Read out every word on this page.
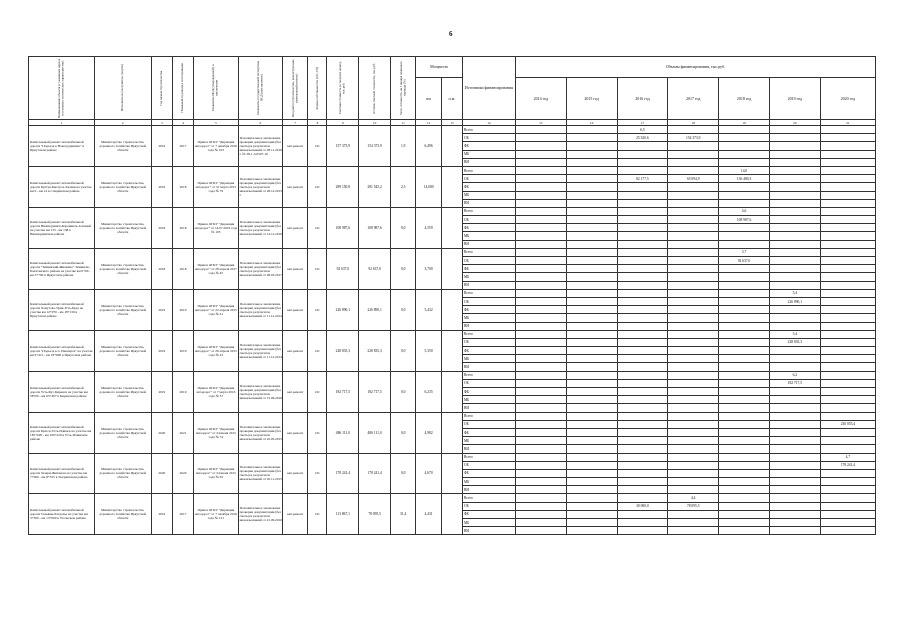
6
Наименование объекта (с указанием адреса и основных технических характеристик)	Исполнитель (получатель средств)	Год начала строительства	Плановый год ввода в эксплуатацию	Реквизиты ПСД (утвержденной) и заключения	Реквизиты государственной экспертизы ПСД (при наличии)	Вид работ (строительство, реконструкция, капитальный ремонт)	Форма собственности (ОС, ГЛ)	Сметная стоимость (в текущих ценах), тыс.руб.	Остаток сметной стоимости, тыс.руб.	Техн. готовность на 1 января планового периода (%)	Мощность		Источники финансирования	Объемы финансирования, тыс.руб.						
											км	п.м.		2014 год	2015 год	2016 год	2017 год	2018 год	2019 год	2020 год
1	2	3	4	5	6	7	8	9	10	11	12	13	14	15	16	17	18	19	20	21
Капитальный ремонт автомобильной дороги "Подъезд к Новогрудинино" в Иркутском районе	Министерство строительства, дорожного хозяйства Иркутской области	2016	2017	Приказ ОГКУ "Дирекция автодорог" от 7 декабря 2016 года № 163	Положительное заключение проверки документации (без сметы) и результатов инж.изысканий от 28.11.2016 г. № 38-1-3-0507-16	кап.ремонт	ОС	157 373,9	154 373,9	1,9	6,496		Всего			6,5				
													ОБ			25 320,6	154 373,9			
													ФБ							
													МБ							
													ВИ							
Капитальный ремонт автомобильной дороги Култук-Быстрое-Хазаки на участке км 0 - км 14 в Слюдянском районе	Министерство строительства, дорожного хозяйства Иркутской области	2016	2018	Приказ ОГКУ "Дирекция автодорог" от 31 марта 2015 года № 79	Положительное заключение проверки документации (без сметы) и результатов инж.изысканий от 28.12.2015 г.	кап.ремонт	ОС	289 150,8	281 545,2	2,5	14,000		Всего					14,0		
													ОБ			82 177,5	65 094,9	136 480,3		
													ФБ							
													МБ							
													ВИ							
Капитальный ремонт автомобильной дороги Нижнеудинск-Боровинск-Алзамай на участке км 133 - км 138 в Нижнеудинском районе	Министерство строительства, дорожного хозяйства Иркутской области	2018	2018	Приказ ОГКУ "Дирекция автодорог" от 14.07.2016 года № 103	Положительное заключение проверки документации (без сметы) и результатов инж.изысканий от 14.12.2016	кап.ремонт	ОС	108 987,6	108 987,6	0,0	4,559		Всего					4,6		
													ОБ					108 987,6		
													ФБ							
													МБ							
													ВИ							
Капитальный ремонт автомобильной дороги "Зиминский-Жилкино" Зиминско-Балаганского района на участке км 0+00 - км 3+700 в Иркутском районе	Министерство строительства, дорожного хозяйства Иркутской области	2018	2018	Приказ ОГКУ "Дирекция автодорог" от 28 апреля 2017 года № 45	Положительное заключение проверки документации (без сметы) и результатов инж.изысканий от 28.03.2017	кап.ремонт	ОС	92 637,0	92 637,0	0,0	3,700		Всего					3,7		
													ОБ					92 637,0		
													ФБ							
													МБ							
													ВИ							
Капитальный ремонт автомобильной дороги Хомутово-Урик-Усть-Куда на участке км 12+970 - км 18+130 в Иркутском районе	Министерство строительства, дорожного хозяйства Иркутской области	2019	2019	Приказ ОГКУ "Дирекция автодорог" от 22 апреля 2015 года № 41	Положительное заключение проверки документации (без сметы) и результатов инж.изысканий от 11.12.2014	кап.ремонт	ОС	226 890,1	226 890,1	0,0	5,432		Всего						5,4	
													ОБ						226 890,1	
													ФБ							
													МБ							
													ВИ							
Капитальный ремонт автомобильной дороги "Подъезд к п. Пионерск" на участке км 9+415 - км 18+600 в Иркутском районе	Министерство строительства, дорожного хозяйства Иркутской области	2019	2019	Приказ ОГКУ "Дирекция автодорог" от 29 апреля 2015 года № 43	Положительное заключение проверки документации (без сметы) и результатов инж.изысканий от 11.12.2014	кап.ремонт	ОС	228 835,3	228 835,3	0,0	5,350		Всего						5,4	
													ОБ						228 835,3	
													ФБ							
													МБ							
													ВИ							
Капитальный ремонт автомобильной дороги Усть-Кут-Киренск на участке км 58+00 - км 65+407 в Киренском районе	Министерство строительства, дорожного хозяйства Иркутской области	2019	2019	Приказ ОГКУ "Дирекция автодорог" от 7 марта 2016 года № 37	Положительное заключение проверки документации (без сметы) и результатов инж.изысканий от 15.06.2016	кап.ремонт	ОС	182 717,5	182 717,5	0,0	6,235		Всего						6,2	
													ОБ						182 717,5	
													ФБ							
													МБ							
													ВИ							
Капитальный ремонт автомобильной дороги Братск-Усть-Илимск на участке км 185+020 - км 190+220 в Усть-Илимском районе	Министерство строительства, дорожного хозяйства Иркутской области	2020	2021	Приказ ОГКУ "Дирекция автодорог" от 24 июня 2015 года № 74	Положительное заключение проверки документации (без сметы) и результатов инж.изысканий от 22.05.2015	кап.ремонт	ОС	486 111,0	486 111,0	0,0	4,982		Всего							
													ОБ							230 055,4
													ФБ							
													МБ							
													ВИ							
Капитальный ремонт автомобильной дороги Залари-Жиганово на участке км 7+060 - км 8+555 в Заларинском районе	Министерство строительства, дорожного хозяйства Иркутской области	2020	2020	Приказ ОГКУ "Дирекция автодорог" от 24 июня 2015 года № 65	Положительное заключение проверки документации (без сметы) и результатов инж.изысканий от 05.11.2015	кап.ремонт	ОС	178 241,4	178 241,4	0,0	4,670		Всего							4,7
													ОБ							178 241,4
													ФБ							
													МБ							
													ВИ							
Капитальный ремонт автомобильной дороги Тальяны-Раздолье на участке км 3+500 - км 13+000 в Усольском районе	Министерство строительства, дорожного хозяйства Иркутской области	2016	2017	Приказ ОГКУ "Дирекция автодорог" от 7 октября 2016 года № 131	Положительное заключение проверки документации (без сметы) и результатов инж.изысканий от 21.09.2016	кап.ремонт	ОС	113 867,1	78 095,5	31,4	4,431		Всего				4,4			
													ОБ			30 000,0	78 095,5			
													ФБ							
													МБ							
													ВИ							
